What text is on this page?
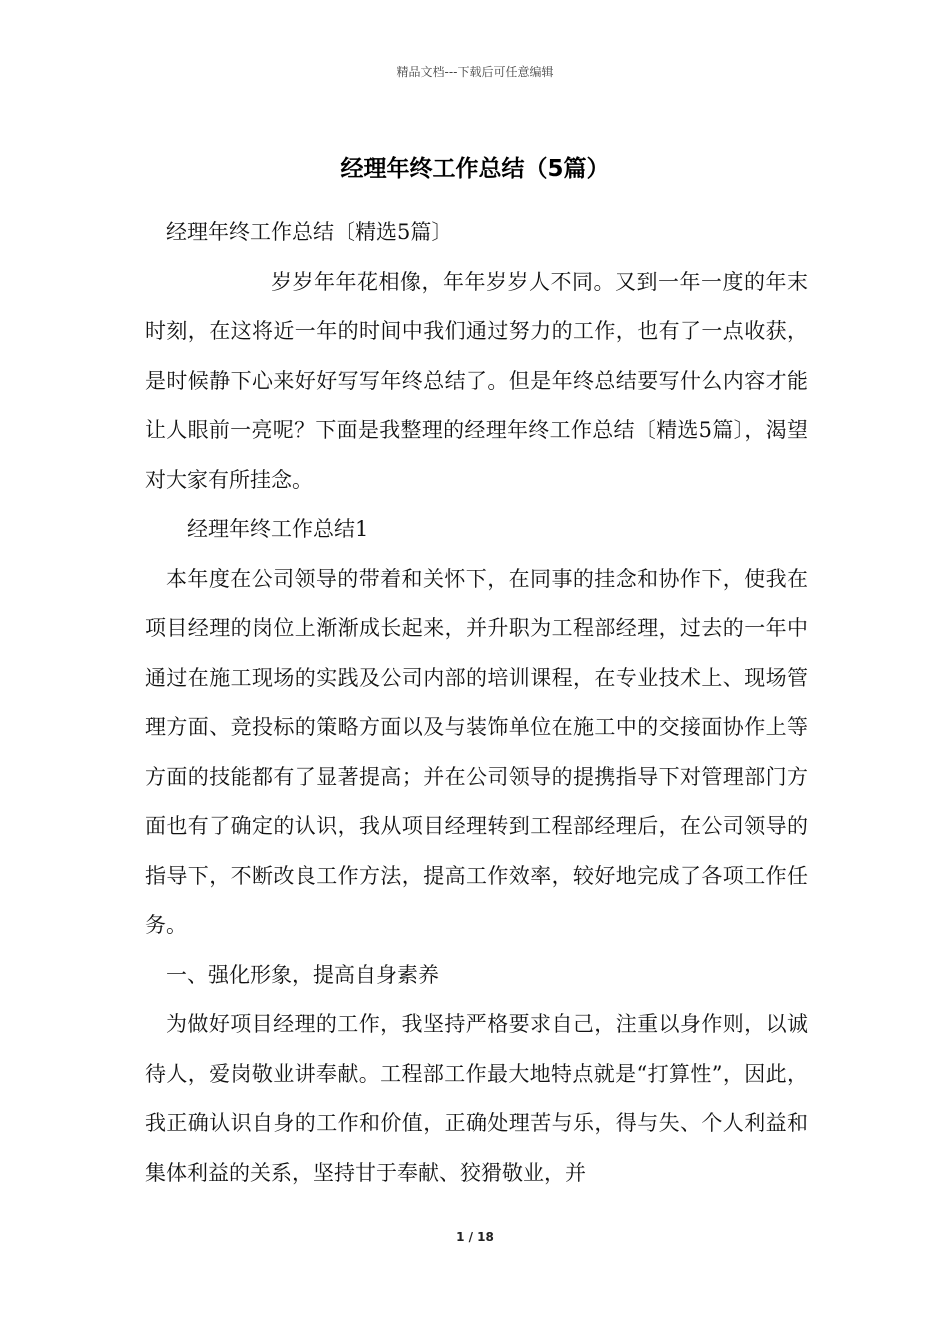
精品文档---下载后可任意编辑
经理年终工作总结（5篇）

经理年终工作总结〔精选5篇〕

岁岁年年花相像，年年岁岁人不同。又到一年一度的年末时刻，在这将近一年的时间中我们通过努力的工作，也有了一点收获，是时候静下心来好好写写年终总结了。但是年终总结要写什么内容才能让人眼前一亮呢？下面是我整理的经理年终工作总结〔精选5篇〕，渴望对大家有所挂念。

经理年终工作总结1

本年度在公司领导的带着和关怀下，在同事的挂念和协作下，使我在项目经理的岗位上渐渐成长起来，并升职为工程部经理，过去的一年中通过在施工现场的实践及公司内部的培训课程，在专业技术上、现场管理方面、竞投标的策略方面以及与装饰单位在施工中的交接面协作上等方面的技能都有了显著提高；并在公司领导的提携指导下对管理部门方面也有了确定的认识，我从项目经理转到工程部经理后，在公司领导的指导下，不断改良工作方法，提高工作效率，较好地完成了各项工作任务。

一、强化形象，提高自身素养

为做好项目经理的工作，我坚持严格要求自己，注重以身作则，以诚待人，爱岗敬业讲奉献。工程部工作最大地特点就是“打算性”，因此，我正确认识自身的工作和价值，正确处理苦与乐，得与失、个人利益和集体利益的关系，坚持甘于奉献、狡猾敬业，并

1 / 18
